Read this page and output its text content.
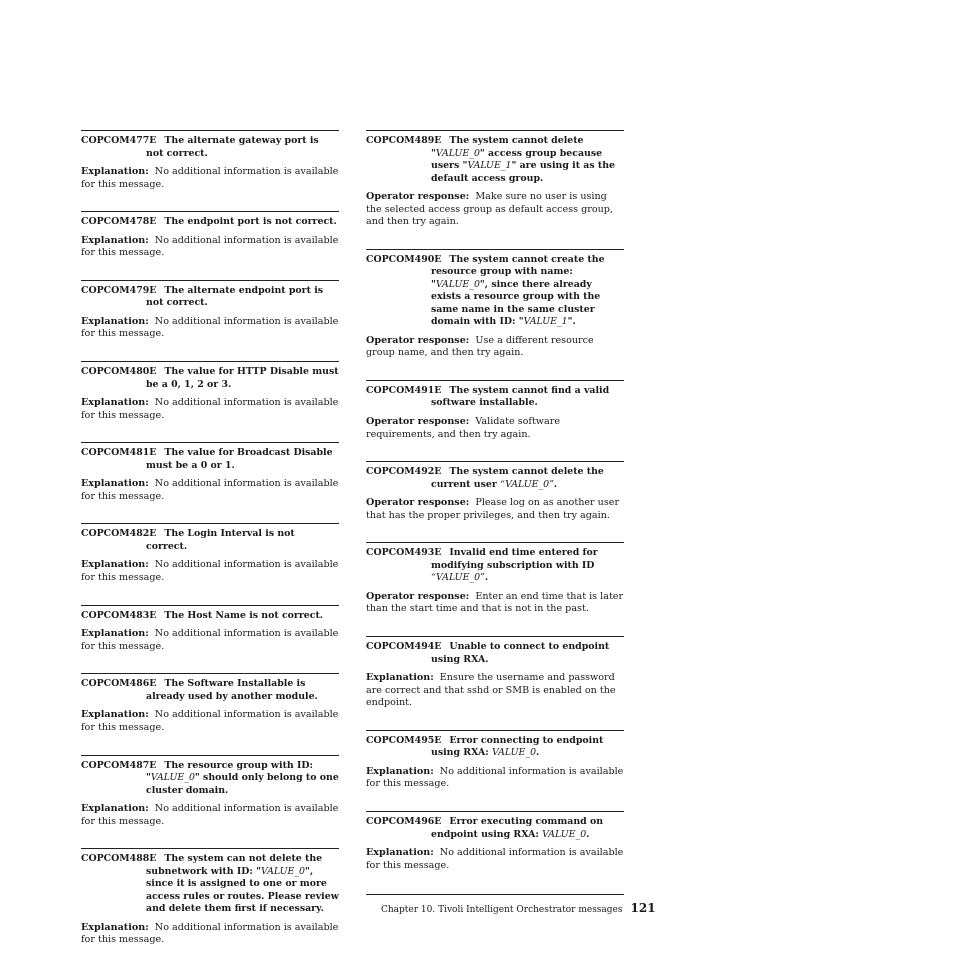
COPCOM477E The alternate gateway port is not correct.
Explanation: No additional information is available for this message.
COPCOM478E The endpoint port is not correct.
Explanation: No additional information is available for this message.
COPCOM479E The alternate endpoint port is not correct.
Explanation: No additional information is available for this message.
COPCOM480E The value for HTTP Disable must be a 0, 1, 2 or 3.
Explanation: No additional information is available for this message.
COPCOM481E The value for Broadcast Disable must be a 0 or 1.
Explanation: No additional information is available for this message.
COPCOM482E The Login Interval is not correct.
Explanation: No additional information is available for this message.
COPCOM483E The Host Name is not correct.
Explanation: No additional information is available for this message.
COPCOM486E The Software Installable is already used by another module.
Explanation: No additional information is available for this message.
COPCOM487E The resource group with ID: "VALUE_0" should only belong to one cluster domain.
Explanation: No additional information is available for this message.
COPCOM488E The system can not delete the subnetwork with ID: "VALUE_0", since it is assigned to one or more access rules or routes. Please review and delete them first if necessary.
Explanation: No additional information is available for this message.
COPCOM489E The system cannot delete "VALUE_0" access group because users "VALUE_1" are using it as the default access group.
Operator response: Make sure no user is using the selected access group as default access group, and then try again.
COPCOM490E The system cannot create the resource group with name: "VALUE_0", since there already exists a resource group with the same name in the same cluster domain with ID: "VALUE_1".
Operator response: Use a different resource group name, and then try again.
COPCOM491E The system cannot find a valid software installable.
Operator response: Validate software requirements, and then try again.
COPCOM492E The system cannot delete the current user “VALUE_0”.
Operator response: Please log on as another user that has the proper privileges, and then try again.
COPCOM493E Invalid end time entered for modifying subscription with ID “VALUE_0”.
Operator response: Enter an end time that is later than the start time and that is not in the past.
COPCOM494E Unable to connect to endpoint using RXA.
Explanation: Ensure the username and password are correct and that sshd or SMB is enabled on the endpoint.
COPCOM495E Error connecting to endpoint using RXA: VALUE_0.
Explanation: No additional information is available for this message.
COPCOM496E Error executing command on endpoint using RXA: VALUE_0.
Explanation: No additional information is available for this message.
Chapter 10. Tivoli Intelligent Orchestrator messages 121
